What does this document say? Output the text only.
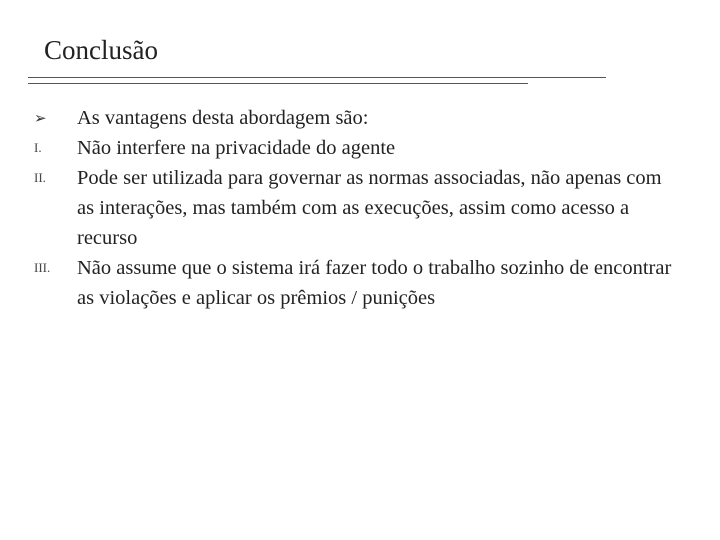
Conclusão
➢	As vantagens desta abordagem são:
I.	Não interfere na privacidade do agente
II.	Pode ser utilizada para governar as normas associadas, não apenas com as interações, mas também com as execuções, assim como acesso a recurso
III.	Não assume que o sistema irá fazer todo o trabalho sozinho de encontrar as violações e aplicar os prêmios / punições
